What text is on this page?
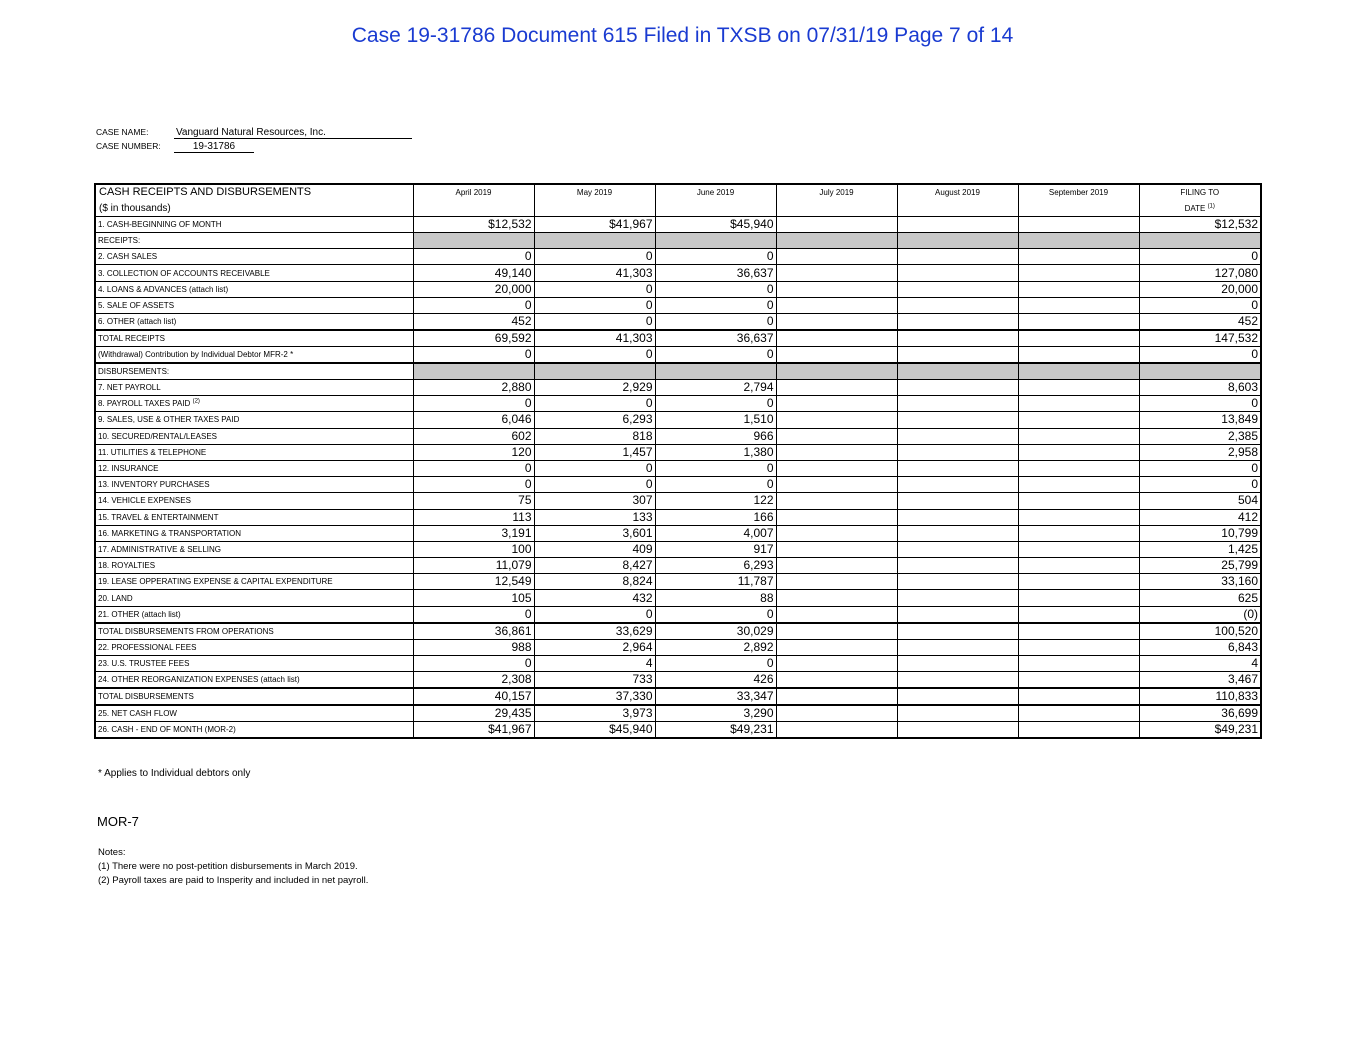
Case 19-31786 Document 615 Filed in TXSB on 07/31/19 Page 7 of 14
CASE NAME:	Vanguard Natural Resources, Inc.
CASE NUMBER:	19-31786
CASH RECEIPTS AND DISBURSEMENTS	April 2019	May 2019	June 2019	July 2019	August 2019	September 2019	FILING TO
($ in thousands)							DATE $^{(1)}$
1. CASH-BEGINNING OF MONTH	$12,532	$41,967	$45,940				$12,532
RECEIPTS:							
2. CASH SALES	0	0	0				0
3. COLLECTION OF ACCOUNTS RECEIVABLE	49,140	41,303	36,637				127,080
4. LOANS & ADVANCES (attach list)	20,000	0	0				20,000
5. SALE OF ASSETS	0	0	0				0
6. OTHER (attach list)	452	0	0				452
TOTAL RECEIPTS	69,592	41,303	36,637				147,532
(Withdrawal) Contribution by Individual Debtor MFR-2 *	0	0	0				0
DISBURSEMENTS:							
7. NET PAYROLL	2,880	2,929	2,794				8,603
8. PAYROLL TAXES PAID $^{(2)}$	0	0	0				0
9. SALES, USE & OTHER TAXES PAID	6,046	6,293	1,510				13,849
10. SECURED/RENTAL/LEASES	602	818	966				2,385
11. UTILITIES & TELEPHONE	120	1,457	1,380				2,958
12. INSURANCE	0	0	0				0
13. INVENTORY PURCHASES	0	0	0				0
14. VEHICLE EXPENSES	75	307	122				504
15. TRAVEL & ENTERTAINMENT	113	133	166				412
16. MARKETING & TRANSPORTATION	3,191	3,601	4,007				10,799
17. ADMINISTRATIVE & SELLING	100	409	917				1,425
18. ROYALTIES	11,079	8,427	6,293				25,799
19. LEASE OPPERATING EXPENSE & CAPITAL EXPENDITURE	12,549	8,824	11,787				33,160
20. LAND	105	432	88				625
21. OTHER (attach list)	0	0	0				(0)
TOTAL DISBURSEMENTS FROM OPERATIONS	36,861	33,629	30,029				100,520
22. PROFESSIONAL FEES	988	2,964	2,892				6,843
23. U.S. TRUSTEE FEES	0	4	0				4
24. OTHER REORGANIZATION EXPENSES (attach list)	2,308	733	426				3,467
TOTAL DISBURSEMENTS	40,157	37,330	33,347				110,833
25. NET CASH FLOW	29,435	3,973	3,290				36,699
26. CASH - END OF MONTH (MOR-2)	$41,967	$45,940	$49,231				$49,231
* Applies to Individual debtors only
MOR-7
Notes:
(1) There were no post-petition disbursements in March 2019.
(2) Payroll taxes are paid to Insperity and included in net payroll.
